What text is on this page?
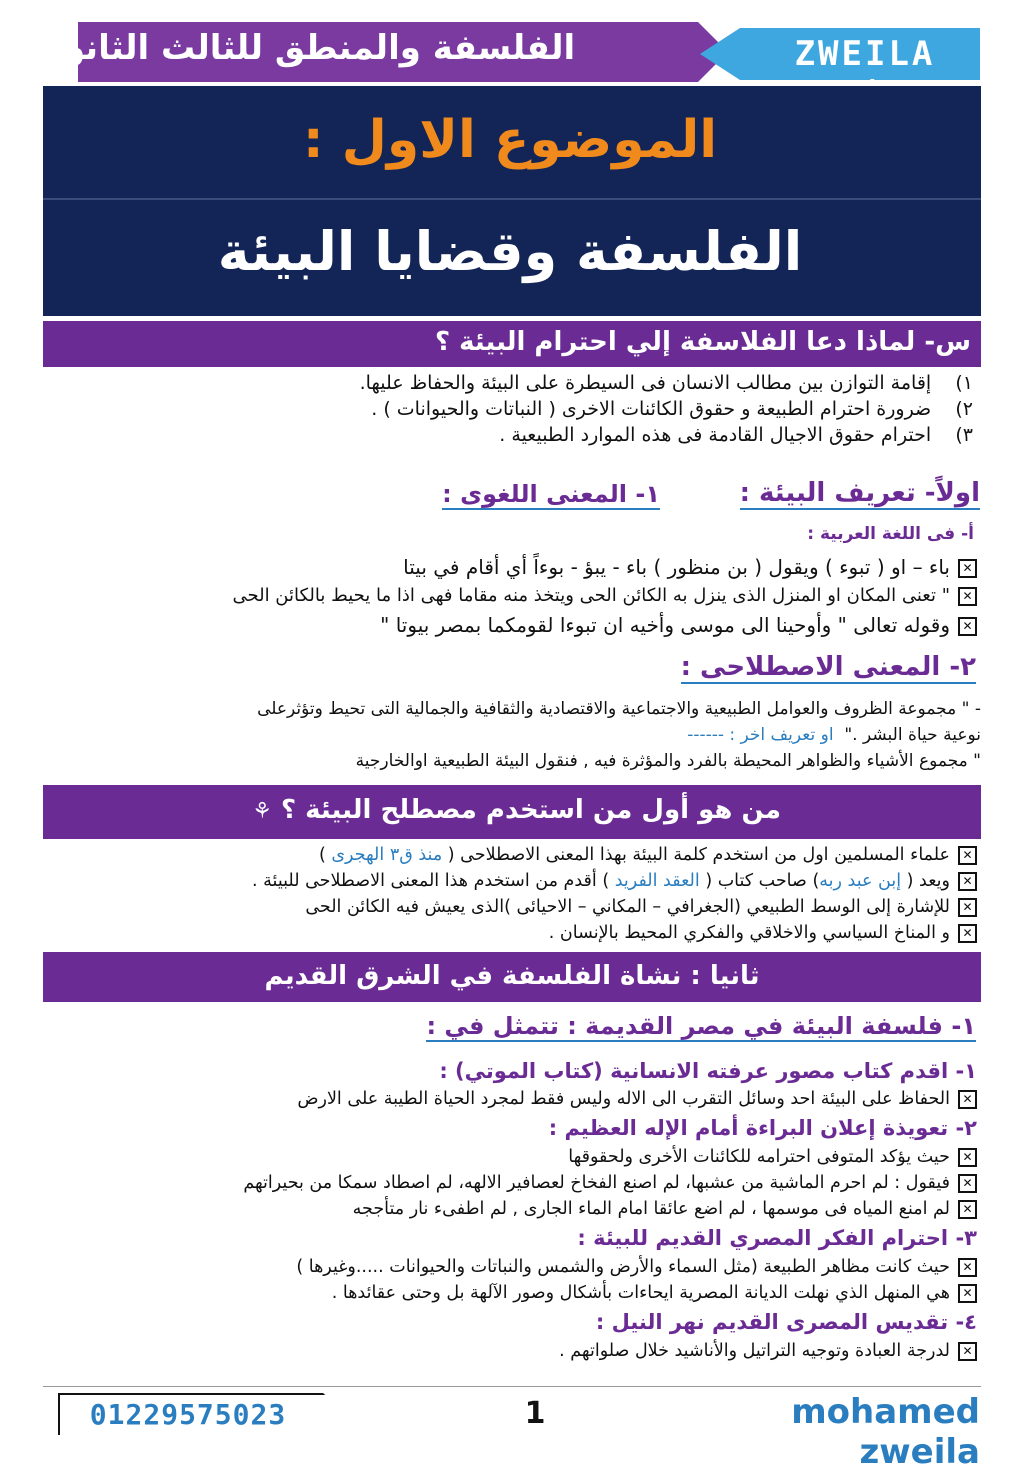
الفلسفة والمنطق للثالث الثانوى	ZWEILA
الموضوع الاول :
الفلسفة وقضايا البيئة
س- لماذا دعا الفلاسفة إلي احترام البيئة ؟
١)    إقامة التوازن بين مطالب الانسان فى السيطرة على البيئة والحفاظ عليها.
٢)    ضرورة احترام الطبيعة و حقوق الكائنات الاخرى ( النباتات والحيوانات ) .
٣)    احترام حقوق الاجيال القادمة فى هذه الموارد الطبيعية .
اولاً- تعريف البيئة :
١- المعنى اللغوى :
أ- فى اللغة العربية :
✕باء – او ( تبوء ) ويقول ( بن منظور ) باء - يبؤ - بوءاً أي أقام في بيتا
✕" تعنى المكان او المنزل الذى ينزل به الكائن الحى ويتخذ منه مقاما فهى اذا ما يحيط بالكائن الحى
✕وقوله تعالى " وأوحينا الى موسى وأخيه ان تبوءا لقومكما بمصر بيوتا "
٢- المعنى الاصطلاحى :
- " مجموعة الظروف والعوامل الطبيعية والاجتماعية والاقتصادية والثقافية والجمالية التى تحيط وتؤثرعلى
نوعية حياة البشر ."  او تعريف اخر : ------
" مجموع الأشياء والظواهر المحيطة بالفرد والمؤثرة فيه , فنقول البيئة الطبيعية اوالخارجية
من هو أول من استخدم مصطلح البيئة ؟ ⚘
✕علماء المسلمين اول من استخدم كلمة البيئة بهذا المعنى الاصطلاحى ( منذ ق٣ الهجرى )
✕ويعد ( إبن عبد ربه) صاحب كتاب ( العقد الفريد ) أقدم من استخدم هذا المعنى الاصطلاحى للبيئة .
✕للإشارة إلى الوسط الطبيعي (الجغرافي – المكاني – الاحيائى )الذى يعيش فيه الكائن الحى
✕و المناخ السياسي والاخلاقي والفكري المحيط بالإنسان .
ثانيا : نشاة الفلسفة في الشرق القديم
١- فلسفة البيئة في مصر القديمة : تتمثل في :
١- اقدم كتاب مصور عرفته الانسانية (كتاب الموتي) :
✕الحفاظ على البيئة احد وسائل التقرب الى الاله وليس فقط لمجرد الحياة الطيبة على الارض
٢- تعويذة إعلان البراءة أمام الإله العظيم :
✕حيث يؤكد المتوفى احترامه للكائنات الأخرى ولحقوقها
✕فيقول : لم احرم الماشية من عشبها، لم اصنع الفخاخ لعصافير الالهه، لم اصطاد سمكا من بحيراتهم
✕لم امنع المياه فى موسمها ، لم اضع عائقا امام الماء الجارى , لم اطفىء نار متأججه
٣- احترام الفكر المصري القديم للبيئة :
✕حيث كانت مظاهر الطبيعة (مثل السماء والأرض والشمس والنباتات والحيوانات .....وغيرها )
✕هي المنهل الذي نهلت الديانة المصرية ايحاءات بأشكال وصور الآلهة بل وحتى عقائدها .
٤- تقديس المصرى القديم نهر النيل :
✕لدرجة العبادة وتوجيه التراتيل والأناشيد خلال صلواتهم .
01229575023	1	mohamed zweila
